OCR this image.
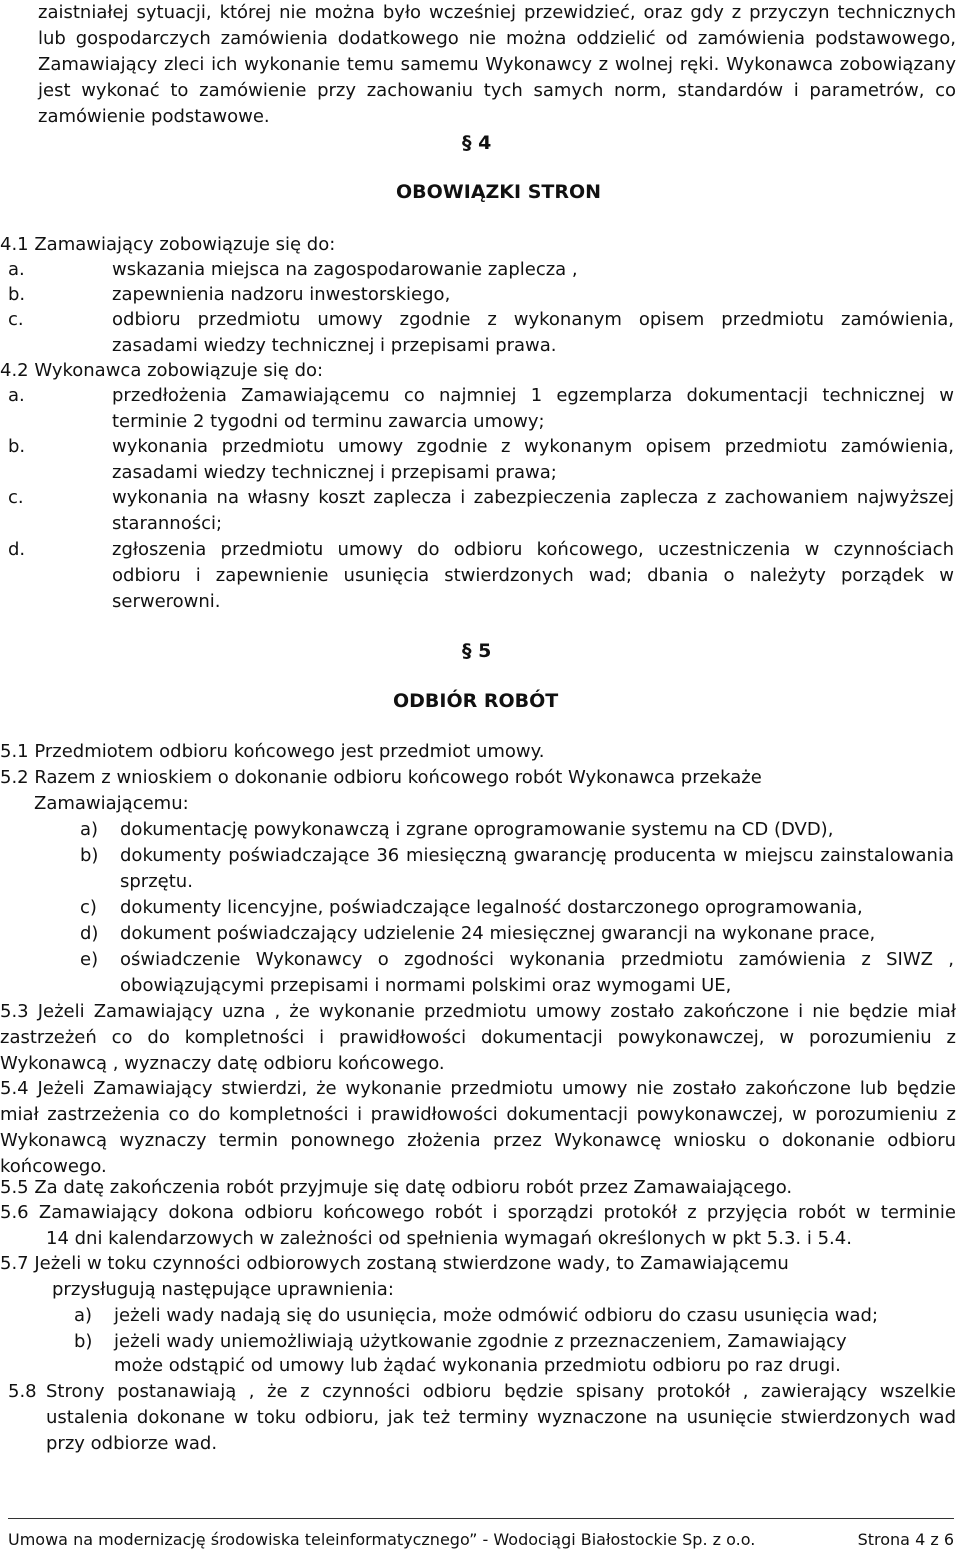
zaistniałej sytuacji, której nie można było wcześniej przewidzieć, oraz gdy z przyczyn technicznych lub gospodarczych zamówienia dodatkowego nie można oddzielić od zamówienia podstawowego, Zamawiający zleci ich wykonanie temu samemu Wykonawcy z wolnej ręki. Wykonawca zobowiązany jest wykonać to zamówienie przy zachowaniu tych samych norm, standardów i parametrów, co zamówienie podstawowe.
§ 4
OBOWIĄZKI STRON
4.1 Zamawiający zobowiązuje się do:
a.	wskazania miejsca na zagospodarowanie zaplecza ,
b.	zapewnienia nadzoru inwestorskiego,
c.	odbioru przedmiotu umowy zgodnie z wykonanym opisem przedmiotu zamówienia, zasadami wiedzy technicznej i przepisami prawa.
4.2 Wykonawca zobowiązuje się do:
a.	przedłożenia Zamawiającemu co najmniej 1 egzemplarza dokumentacji technicznej w terminie 2 tygodni od terminu zawarcia umowy;
b.	wykonania przedmiotu umowy zgodnie z wykonanym opisem przedmiotu zamówienia, zasadami wiedzy technicznej i przepisami prawa;
c.	wykonania na własny koszt zaplecza i zabezpieczenia zaplecza z zachowaniem najwyższej staranności;
d.	zgłoszenia przedmiotu umowy do odbioru końcowego, uczestniczenia w czynnościach odbioru i zapewnienie usunięcia stwierdzonych wad; dbania o należyty porządek w serwerowni.
§ 5
ODBIÓR ROBÓT
5.1 Przedmiotem odbioru końcowego jest przedmiot umowy.
5.2 Razem z wnioskiem o dokonanie odbioru końcowego robót Wykonawca przekaże
Zamawiającemu:
a) dokumentację powykonawczą i zgrane oprogramowanie systemu na CD (DVD),
b) dokumenty poświadczające 36 miesięczną gwarancję producenta w miejscu zainstalowania sprzętu.
c) dokumenty licencyjne, poświadczające legalność dostarczonego oprogramowania,
d) dokument poświadczający udzielenie 24 miesięcznej gwarancji na wykonane prace,
e) oświadczenie Wykonawcy o zgodności wykonania przedmiotu zamówienia z SIWZ , obowiązującymi przepisami i normami polskimi oraz wymogami UE,
5.3 Jeżeli Zamawiający uzna , że wykonanie przedmiotu umowy zostało zakończone i nie będzie miał zastrzeżeń co do kompletności i prawidłowości dokumentacji powykonawczej, w porozumieniu z Wykonawcą , wyznaczy datę odbioru końcowego.
5.4 Jeżeli Zamawiający stwierdzi, że wykonanie przedmiotu umowy nie zostało zakończone lub będzie miał zastrzeżenia co do kompletności i prawidłowości dokumentacji powykonawczej, w porozumieniu z Wykonawcą wyznaczy termin ponownego złożenia przez Wykonawcę wniosku o dokonanie odbioru końcowego.
5.5 Za datę zakończenia robót przyjmuje się datę odbioru robót przez Zamawaiającego.
5.6 Zamawiający dokona odbioru końcowego robót i sporządzi protokół z przyjęcia robót w terminie
14 dni kalendarzowych w zależności od spełnienia wymagań określonych w pkt 5.3. i 5.4.
5.7 Jeżeli w toku czynności odbiorowych zostaną stwierdzone wady, to Zamawiającemu
przysługują następujące uprawnienia:
a) jeżeli wady nadają się do usunięcia, może odmówić odbioru do czasu usunięcia wad;
b) jeżeli wady uniemożliwiają użytkowanie zgodnie z przeznaczeniem, Zamawiający
może odstąpić od umowy lub żądać wykonania przedmiotu odbioru po raz drugi.
5.8 Strony postanawiają , że z czynności odbioru będzie spisany protokół , zawierający wszelkie ustalenia dokonane w toku odbioru, jak też terminy wyznaczone na usunięcie stwierdzonych wad przy odbiorze wad.
Umowa na modernizację środowiska teleinformatycznego” - Wodociągi Białostockie Sp. z o.o.	Strona 4 z 6
